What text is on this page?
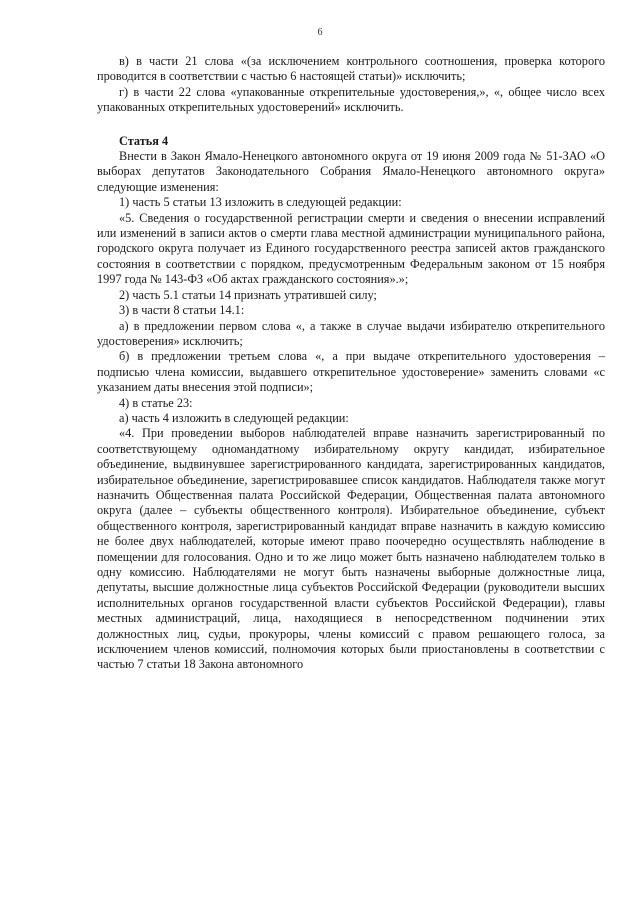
6

в) в части 21 слова «(за исключением контрольного соотношения, проверка которого проводится в соответствии с частью 6 настоящей статьи)» исключить;

г) в части 22 слова «упакованные открепительные удостоверения,», «, общее число всех упакованных открепительных удостоверений» исключить.

Статья 4

Внести в Закон Ямало-Ненецкого автономного округа от 19 июня 2009 года № 51-ЗАО «О выборах депутатов Законодательного Собрания Ямало-Ненецкого автономного округа» следующие изменения:

1) часть 5 статьи 13 изложить в следующей редакции:

«5. Сведения о государственной регистрации смерти и сведения о внесении исправлений или изменений в записи актов о смерти глава местной администрации муниципального района, городского округа получает из Единого государственного реестра записей актов гражданского состояния в соответствии с порядком, предусмотренным Федеральным законом от 15 ноября 1997 года № 143-ФЗ «Об актах гражданского состояния».»;

2) часть 5.1 статьи 14 признать утратившей силу;

3) в части 8 статьи 14.1:

а) в предложении первом слова «, а также в случае выдачи избирателю открепительного удостоверения» исключить;

б) в предложении третьем слова «, а при выдаче открепительного удостоверения – подписью члена комиссии, выдавшего открепительное удостоверение» заменить словами «с указанием даты внесения этой подписи»;

4) в статье 23:

а) часть 4 изложить в следующей редакции:

«4. При проведении выборов наблюдателей вправе назначить зарегистрированный по соответствующему одномандатному избирательному округу кандидат, избирательное объединение, выдвинувшее зарегистрированного кандидата, зарегистрированных кандидатов, избирательное объединение, зарегистрировавшее список кандидатов. Наблюдателя также могут назначить Общественная палата Российской Федерации, Общественная палата автономного округа (далее – субъекты общественного контроля). Избирательное объединение, субъект общественного контроля, зарегистрированный кандидат вправе назначить в каждую комиссию не более двух наблюдателей, которые имеют право поочередно осуществлять наблюдение в помещении для голосования. Одно и то же лицо может быть назначено наблюдателем только в одну комиссию. Наблюдателями не могут быть назначены выборные должностные лица, депутаты, высшие должностные лица субъектов Российской Федерации (руководители высших исполнительных органов государственной власти субъектов Российской Федерации), главы местных администраций, лица, находящиеся в непосредственном подчинении этих должностных лиц, судьи, прокуроры, члены комиссий с правом решающего голоса, за исключением членов комиссий, полномочия которых были приостановлены в соответствии с частью 7 статьи 18 Закона автономного
